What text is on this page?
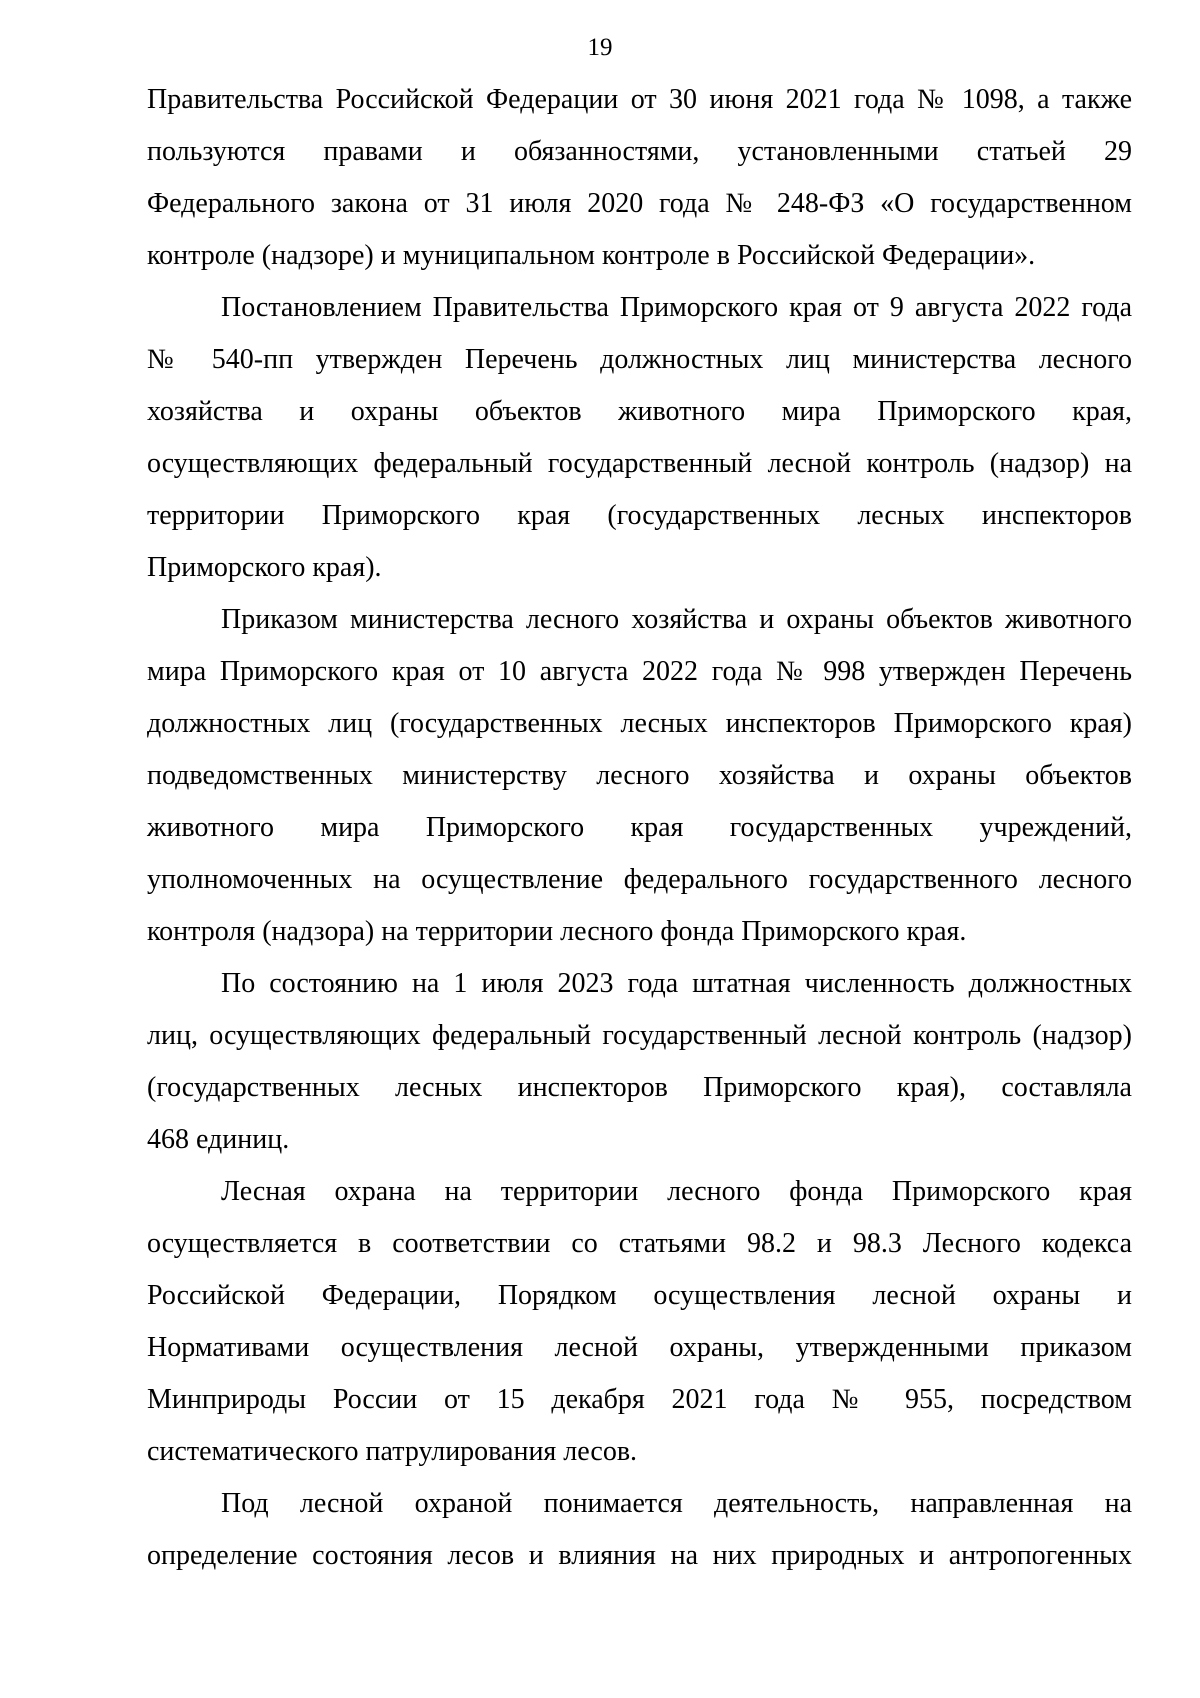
19

Правительства Российской Федерации от 30 июня 2021 года № 1098, а также
пользуются правами и обязанностями, установленными статьей 29
Федерального закона от 31 июля 2020 года № 248-ФЗ «О государственном
контроле (надзоре) и муниципальном контроле в Российской Федерации».

Постановлением Правительства Приморского края от 9 августа 2022 года
№ 540-пп утвержден Перечень должностных лиц министерства лесного
хозяйства и охраны объектов животного мира Приморского края,
осуществляющих федеральный государственный лесной контроль (надзор) на
территории Приморского края (государственных лесных инспекторов
Приморского края).

Приказом министерства лесного хозяйства и охраны объектов животного
мира Приморского края от 10 августа 2022 года № 998 утвержден Перечень
должностных лиц (государственных лесных инспекторов Приморского края)
подведомственных министерству лесного хозяйства и охраны объектов
животного мира Приморского края государственных учреждений,
уполномоченных на осуществление федерального государственного лесного
контроля (надзора) на территории лесного фонда Приморского края.

По состоянию на 1 июля 2023 года штатная численность должностных
лиц, осуществляющих федеральный государственный лесной контроль (надзор)
(государственных лесных инспекторов Приморского края), составляла
468 единиц.

Лесная охрана на территории лесного фонда Приморского края
осуществляется в соответствии со статьями 98.2 и 98.3 Лесного кодекса
Российской Федерации, Порядком осуществления лесной охраны и
Нормативами осуществления лесной охраны, утвержденными приказом
Минприроды России от 15 декабря 2021 года № 955, посредством
систематического патрулирования лесов.

Под лесной охраной понимается деятельность, направленная на
определение состояния лесов и влияния на них природных и антропогенных
